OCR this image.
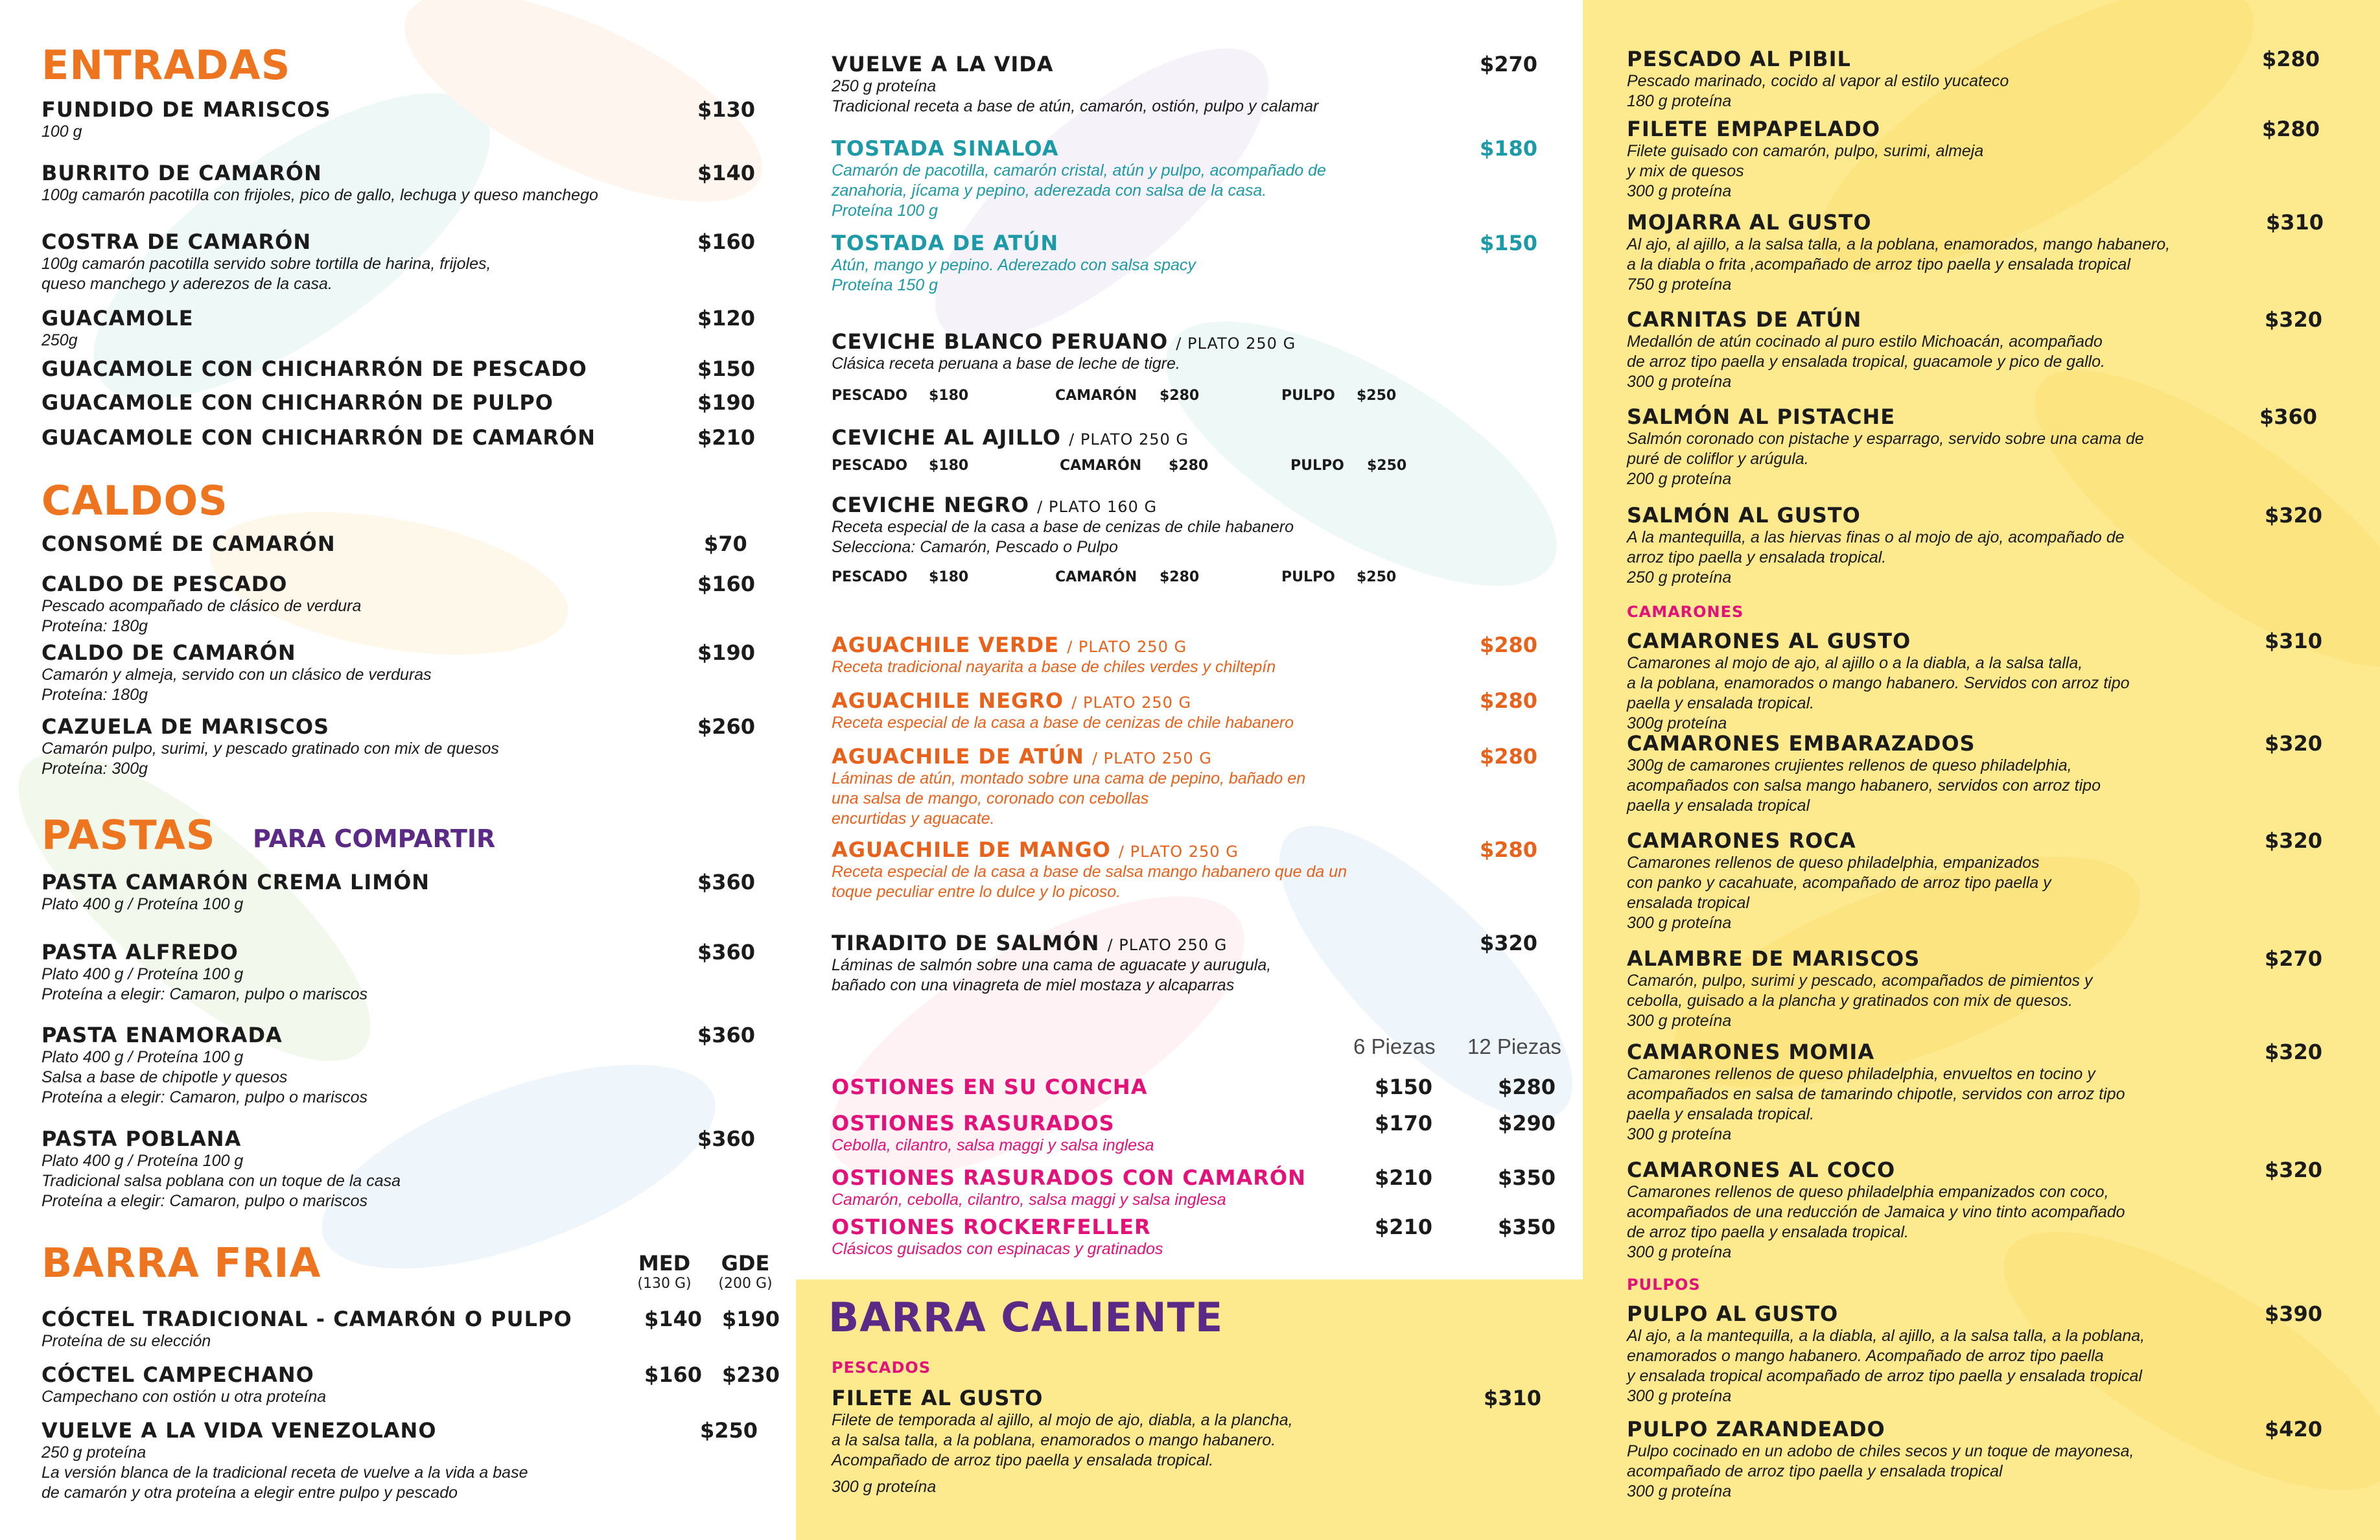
ENTRADAS
FUNDIDO DE MARISCOS
100 g
$130
BURRITO DE CAMARÓN
100g camarón pacotilla con frijoles, pico de gallo, lechuga y queso manchego
$140
COSTRA DE CAMARÓN
100g camarón pacotilla servido sobre tortilla de harina, frijoles,
queso manchego y aderezos de la casa.
$160
GUACAMOLE
250g
$120
GUACAMOLE CON CHICHARRÓN DE PESCADO	$150
GUACAMOLE CON CHICHARRÓN DE PULPO	$190
GUACAMOLE CON CHICHARRÓN DE CAMARÓN	$210
CALDOS
CONSOMÉ DE CAMARÓN	$70
CALDO DE PESCADO
Pescado acompañado de clásico de verdura
Proteína: 180g
$160
CALDO DE CAMARÓN
Camarón y almeja, servido con un clásico de verduras
Proteína: 180g
$190
CAZUELA DE MARISCOS
Camarón pulpo, surimi, y pescado gratinado con mix de quesos
Proteína: 300g
$260
PASTAS PARA COMPARTIR
PASTA CAMARÓN CREMA LIMÓN
Plato 400 g / Proteína 100 g
$360
PASTA ALFREDO
Plato 400 g / Proteína 100 g
Proteína a elegir: Camaron, pulpo o mariscos
$360
PASTA ENAMORADA
Plato 400 g / Proteína 100 g
Salsa a base de chipotle y quesos
Proteína a elegir: Camaron, pulpo o mariscos
$360
PASTA POBLANA
Plato 400 g / Proteína 100 g
Tradicional salsa poblana con un toque de la casa
Proteína a elegir: Camaron, pulpo o mariscos
$360
BARRA FRIA	MED
(130 G)
GDE
(200 G)
CÓCTEL TRADICIONAL - CAMARÓN O PULPO
Proteína de su elección
$140 $190
CÓCTEL CAMPECHANO
Campechano con ostión u otra proteína
$160 $230
VUELVE A LA VIDA VENEZOLANO
250 g proteína
La versión blanca de la tradicional receta de vuelve a la vida a base
de camarón y otra proteína a elegir entre pulpo y pescado
$250
VUELVE A LA VIDA
250 g proteína
Tradicional receta a base de atún, camarón, ostión, pulpo y calamar
$270
TOSTADA SINALOA
Camarón de pacotilla, camarón cristal, atún y pulpo, acompañado de
zanahoria, jícama y pepino, aderezada con salsa de la casa.
Proteína 100 g
$180
TOSTADA DE ATÚN
Atún, mango y pepino. Aderezado con salsa spacy
Proteína 150 g
$150
CEVICHE BLANCO PERUANO / PLATO 250 G
Clásica receta peruana a base de leche de tigre.
PESCADO $180	CAMARÓN $280	PULPO $250
CEVICHE AL AJILLO / PLATO 250 G
PESCADO $180	CAMARÓN $280	PULPO $250
CEVICHE NEGRO / PLATO 160 G
Receta especial de la casa a base de cenizas de chile habanero
Selecciona: Camarón, Pescado o Pulpo
PESCADO $180	CAMARÓN $280	PULPO $250
AGUACHILE VERDE / PLATO 250 G
Receta tradicional nayarita a base de chiles verdes y chiltepín
$280
AGUACHILE NEGRO / PLATO 250 G
Receta especial de la casa a base de cenizas de chile habanero
$280
AGUACHILE DE ATÚN / PLATO 250 G
Láminas de atún, montado sobre una cama de pepino, bañado en
una salsa de mango, coronado con cebollas
encurtidas y aguacate.
$280
AGUACHILE DE MANGO / PLATO 250 G
Receta especial de la casa a base de salsa mango habanero que da un
toque peculiar entre lo dulce y lo picoso.
$280
TIRADITO DE SALMÓN / PLATO 250 G
Láminas de salmón sobre una cama de aguacate y aurugula,
bañado con una vinagreta de miel mostaza y alcaparras
$320
6 Piezas 12 Piezas
OSTIONES EN SU CONCHA	$150	$280
OSTIONES RASURADOS
Cebolla, cilantro, salsa maggi y salsa inglesa
$170	$290
OSTIONES RASURADOS CON CAMARÓN
Camarón, cebolla, cilantro, salsa maggi y salsa inglesa
$210	$350
OSTIONES ROCKERFELLER
Clásicos guisados con espinacas y gratinados
$210	$350
BARRA CALIENTE
PESCADOS
FILETE AL GUSTO
Filete de temporada al ajillo, al mojo de ajo, diabla, a la plancha,
a la salsa talla, a la poblana, enamorados o mango habanero.
Acompañado de arroz tipo paella y ensalada tropical.
300 g proteína
$310
PESCADO AL PIBIL
Pescado marinado, cocido al vapor al estilo yucateco
180 g proteína
$280
FILETE EMPAPELADO
Filete guisado con camarón, pulpo, surimi, almeja
y mix de quesos
300 g proteína
$280
MOJARRA AL GUSTO
Al ajo, al ajillo, a la salsa talla, a la poblana, enamorados, mango habanero,
a la diabla o frita ,acompañado de arroz tipo paella y ensalada tropical
750 g proteína
$310
CARNITAS DE ATÚN
Medallón de atún cocinado al puro estilo Michoacán, acompañado
de arroz tipo paella y ensalada tropical, guacamole y pico de gallo.
300 g proteína
$320
SALMÓN AL PISTACHE
Salmón coronado con pistache y esparrago, servido sobre una cama de
puré de coliflor y arúgula.
200 g proteína
$360
SALMÓN AL GUSTO
A la mantequilla, a las hiervas finas o al mojo de ajo, acompañado de
arroz tipo paella y ensalada tropical.
250 g proteína
$320
CAMARONES
CAMARONES AL GUSTO
Camarones al mojo de ajo, al ajillo o a la diabla, a la salsa talla,
a la poblana, enamorados o mango habanero. Servidos con arroz tipo
paella y ensalada tropical.
300g proteína
$310
CAMARONES EMBARAZADOS
300g de camarones crujientes rellenos de queso philadelphia,
acompañados con salsa mango habanero, servidos con arroz tipo
paella y ensalada tropical
$320
CAMARONES ROCA
Camarones rellenos de queso philadelphia, empanizados
con panko y cacahuate, acompañado de arroz tipo paella y
ensalada tropical
300 g proteína
$320
ALAMBRE DE MARISCOS
Camarón, pulpo, surimi y pescado, acompañados de pimientos y
cebolla, guisado a la plancha y gratinados con mix de quesos.
300 g proteína
$270
CAMARONES MOMIA
Camarones rellenos de queso philadelphia, envueltos en tocino y
acompañados en salsa de tamarindo chipotle, servidos con arroz tipo
paella y ensalada tropical.
300 g proteína
$320
CAMARONES AL COCO
Camarones rellenos de queso philadelphia empanizados con coco,
acompañados de una reducción de Jamaica y vino tinto acompañado
de arroz tipo paella y ensalada tropical.
300 g proteína
$320
PULPOS
PULPO AL GUSTO
Al ajo, a la mantequilla, a la diabla, al ajillo, a la salsa talla, a la poblana,
enamorados o mango habanero. Acompañado de arroz tipo paella
y ensalada tropical acompañado de arroz tipo paella y ensalada tropical
300 g proteína
$390
PULPO ZARANDEADO
Pulpo cocinado en un adobo de chiles secos y un toque de mayonesa,
acompañado de arroz tipo paella y ensalada tropical
300 g proteína
$420
